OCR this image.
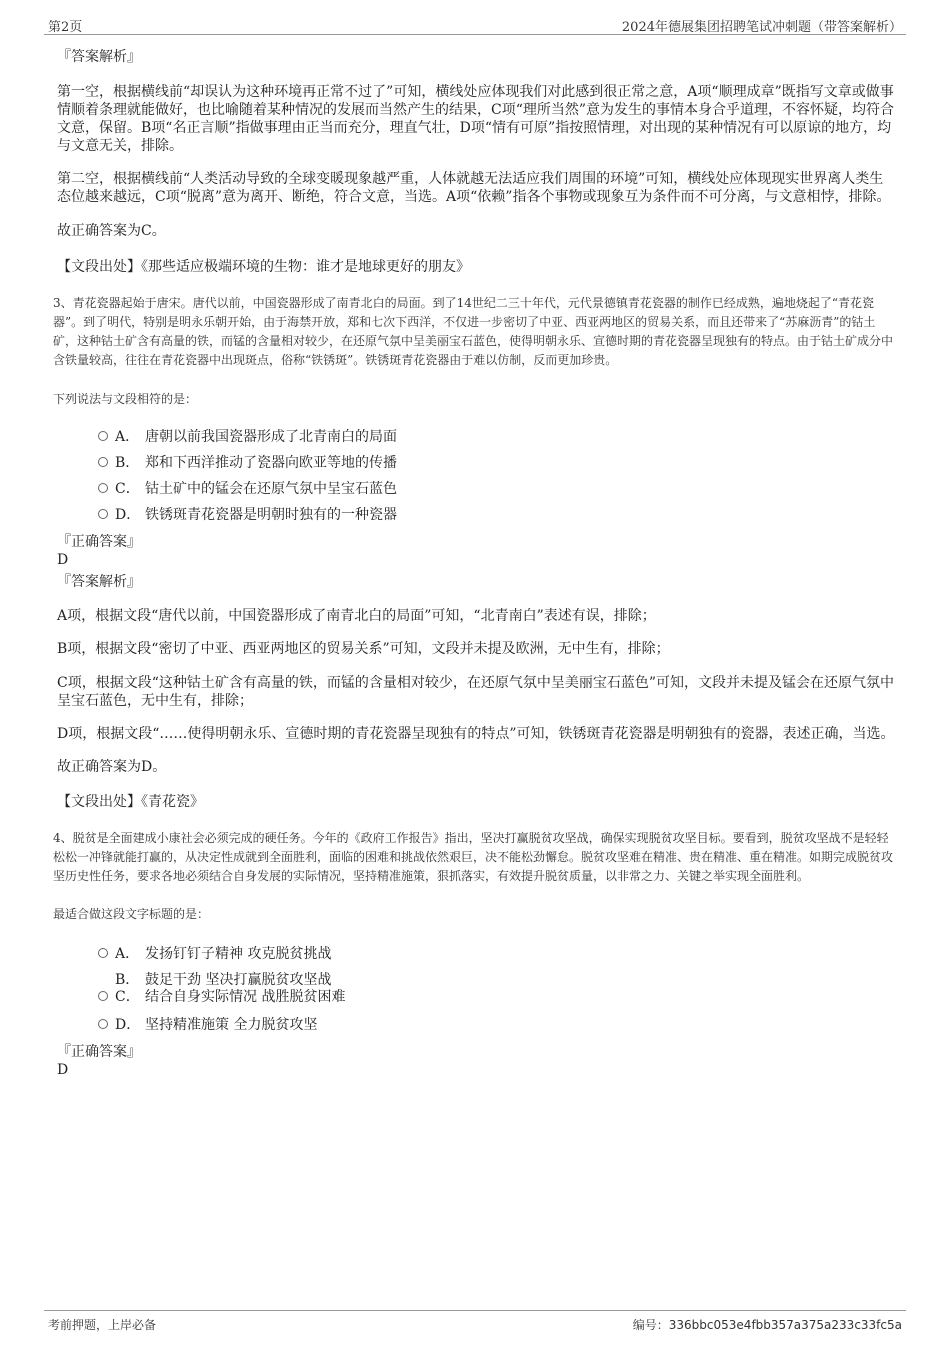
第2页	2024年德展集团招聘笔试冲刺题（带答案解析）

『答案解析』

第一空，根据横线前“却误认为这种环境再正常不过了”可知，横线处应体现我们对此感到很正常之意，A项“顺理成章”既指写文章或做事情顺着条理就能做好，也比喻随着某种情况的发展而当然产生的结果，C项“理所当然”意为发生的事情本身合乎道理，不容怀疑，均符合文意，保留。B项“名正言顺”指做事理由正当而充分，理直气壮，D项“情有可原”指按照情理，对出现的某种情况有可以原谅的地方，均与文意无关，排除。

第二空，根据横线前“人类活动导致的全球变暖现象越严重，人体就越无法适应我们周围的环境”可知，横线处应体现现实世界离人类生态位越来越远，C项“脱离”意为离开、断绝，符合文意，当选。A项“依赖”指各个事物或现象互为条件而不可分离，与文意相悖，排除。

故正确答案为C。

【文段出处】《那些适应极端环境的生物：谁才是地球更好的朋友》

3、青花瓷器起始于唐宋。唐代以前，中国瓷器形成了南青北白的局面。到了14世纪二三十年代，元代景德镇青花瓷器的制作已经成熟，遍地烧起了“青花瓷器”。到了明代，特别是明永乐朝开始，由于海禁开放，郑和七次下西洋，不仅进一步密切了中亚、西亚两地区的贸易关系，而且还带来了“苏麻沥青”的钴土矿，这种钴土矿含有高量的铁，而锰的含量相对较少，在还原气氛中呈美丽宝石蓝色，使得明朝永乐、宣德时期的青花瓷器呈现独有的特点。由于钴土矿成分中含铁量较高，往往在青花瓷器中出现斑点，俗称“铁锈斑”。铁锈斑青花瓷器由于难以仿制，反而更加珍贵。

下列说法与文段相符的是：

A． 唐朝以前我国瓷器形成了北青南白的局面
B． 郑和下西洋推动了瓷器向欧亚等地的传播
C． 钴土矿中的锰会在还原气氛中呈宝石蓝色
D． 铁锈斑青花瓷器是明朝时独有的一种瓷器

『正确答案』

D

『答案解析』

A项，根据文段“唐代以前，中国瓷器形成了南青北白的局面”可知，“北青南白”表述有误，排除；

B项，根据文段“密切了中亚、西亚两地区的贸易关系”可知，文段并未提及欧洲，无中生有，排除；

C项，根据文段“这种钴土矿含有高量的铁，而锰的含量相对较少，在还原气氛中呈美丽宝石蓝色”可知，文段并未提及锰会在还原气氛中呈宝石蓝色，无中生有，排除；

D项，根据文段“……使得明朝永乐、宣德时期的青花瓷器呈现独有的特点”可知，铁锈斑青花瓷器是明朝独有的瓷器，表述正确，当选。

故正确答案为D。

【文段出处】《青花瓷》

4、脱贫是全面建成小康社会必须完成的硬任务。今年的《政府工作报告》指出，坚决打赢脱贫攻坚战，确保实现脱贫攻坚目标。要看到，脱贫攻坚战不是轻轻松松一冲锋就能打赢的，从决定性成就到全面胜利，面临的困难和挑战依然艰巨，决不能松劲懈怠。脱贫攻坚难在精准、贵在精准、重在精准。如期完成脱贫攻坚历史性任务，要求各地必须结合自身发展的实际情况，坚持精准施策，狠抓落实，有效提升脱贫质量，以非常之力、关键之举实现全面胜利。

最适合做这段文字标题的是：

A． 发扬钉钉子精神 攻克脱贫挑战
B． 鼓足干劲 坚决打赢脱贫攻坚战
C． 结合自身实际情况 战胜脱贫困难
D． 坚持精准施策 全力脱贫攻坚

『正确答案』

D

考前押题，上岸必备	编号：336bbc053e4fbb357a375a233c33fc5a
